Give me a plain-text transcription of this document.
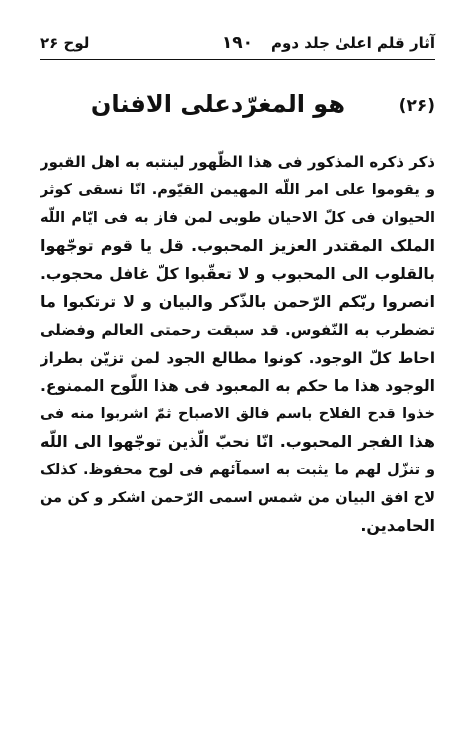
آثار قلم اعلیٰ جلد دوم
۱۹۰
لوح ۲۶
(۲۶)
هو المغرّدعلی الافنان
ذکر ذکره المذکور فی هذا الظّهور لينتبه به اهل القبور
و يقوموا علی امر اللّه المهيمن القيّوم. انّا نسقی کوثر
الحيوان فی کلّ الاحيان طوبی لمن فاز به فی ايّام اللّه
الملک المقتدر العزيز المحبوب. قل يا قوم توجّهوا
بالقلوب الی المحبوب و لا تعقّبوا کلّ غافل محجوب.
انصروا ربّکم الرّحمن بالذّکر والبيان و لا ترتکبوا ما
تضطرب به النّفوس. قد سبقت رحمتی العالم وفضلی
احاط کلّ الوجود. کونوا مطالع الجود لمن تزيّن بطراز
الوجود هذا ما حکم به المعبود فی هذا اللّوح الممنوع.
خذوا قدح الفلاح باسم فالق الاصباح ثمّ اشربوا منه فی
هذا الفجر المحبوب. انّا نحبّ الّذين توجّهوا الی اللّه
و تنزّل لهم ما يثبت به اسمآئهم فی لوح محفوظ. کذلک
لاح افق البيان من شمس اسمی الرّحمن اشکر و کن من
الحامدين.
